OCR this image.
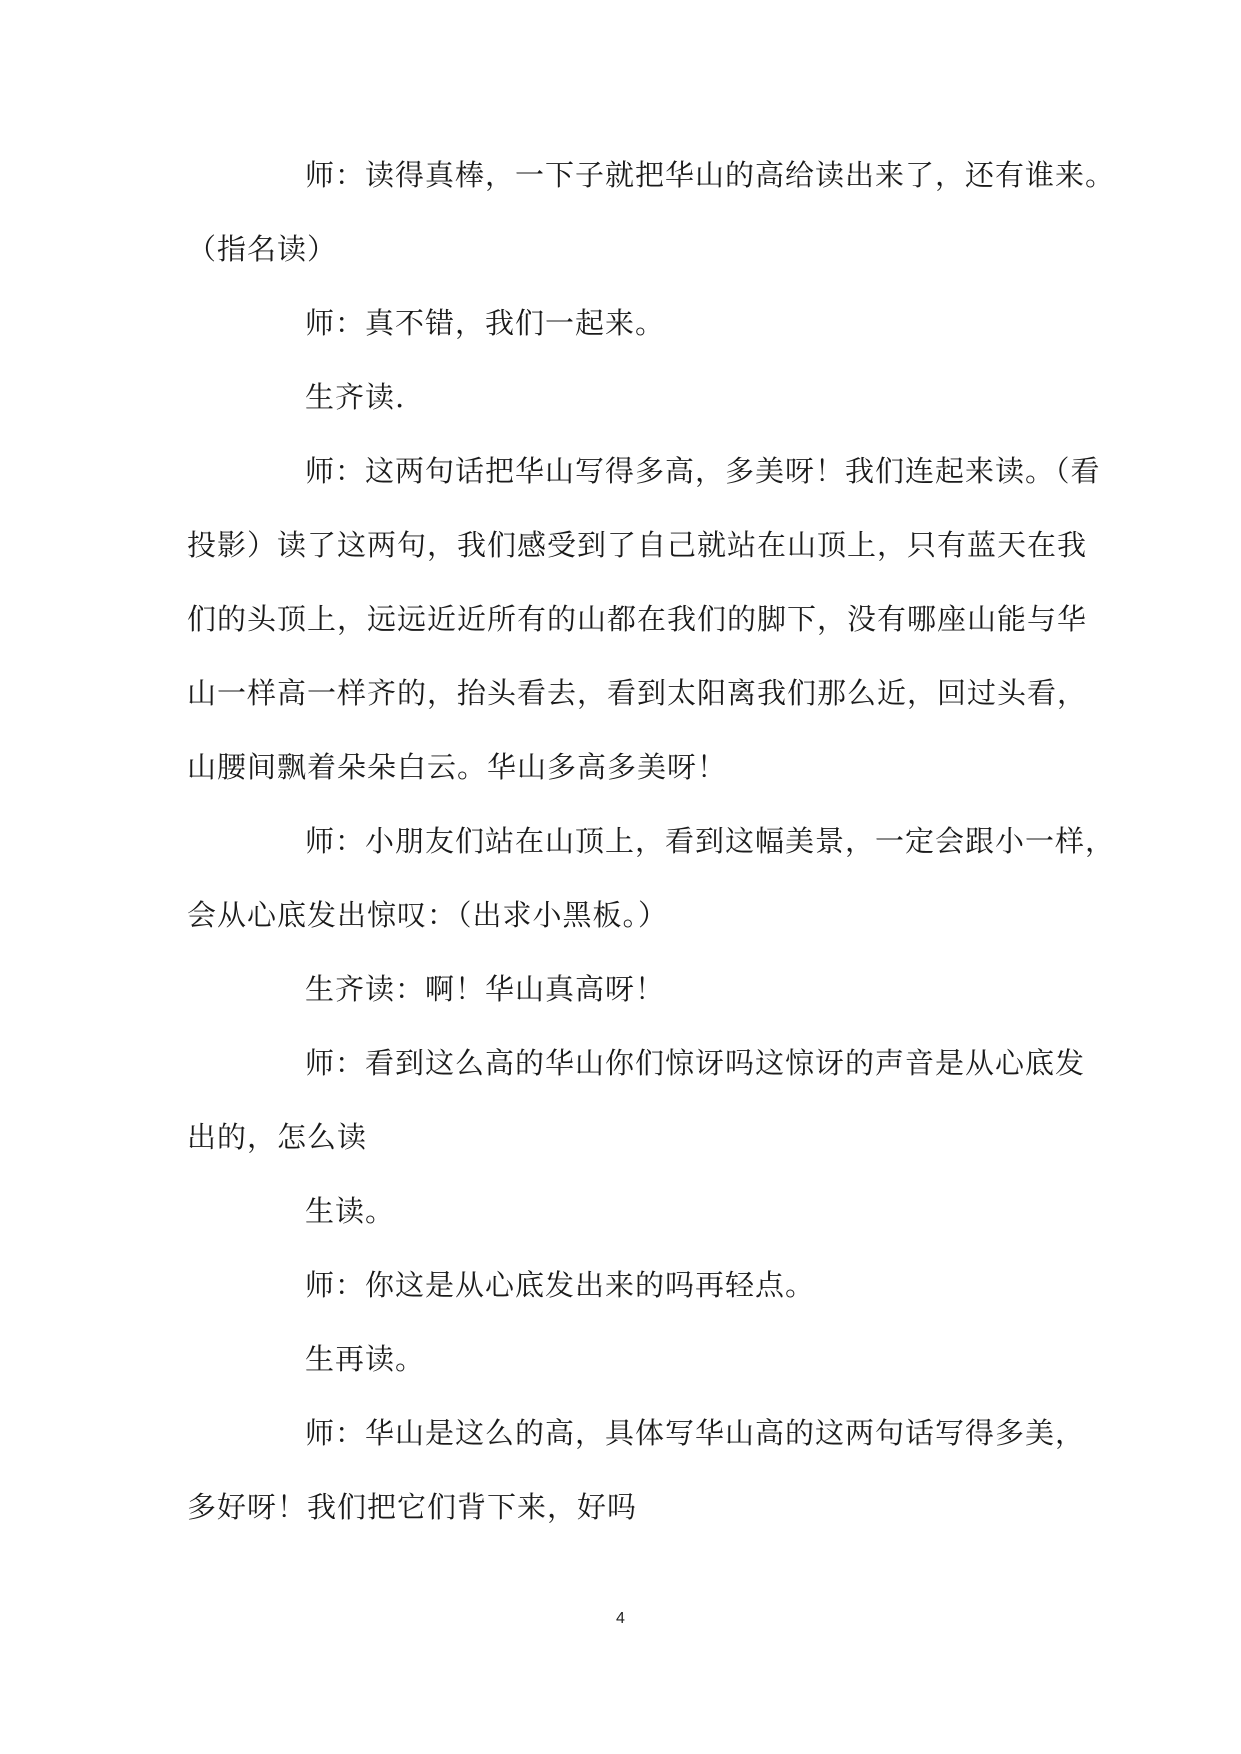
师：读得真棒，一下子就把华山的高给读出来了，还有谁来。

（指名读）

师：真不错，我们一起来。

生齐读.

师：这两句话把华山写得多高，多美呀！我们连起来读。（看

投影）读了这两句，我们感受到了自己就站在山顶上，只有蓝天在我

们的头顶上，远远近近所有的山都在我们的脚下，没有哪座山能与华

山一样高一样齐的，抬头看去，看到太阳离我们那么近，回过头看，

山腰间飘着朵朵白云。华山多高多美呀！

师：小朋友们站在山顶上，看到这幅美景，一定会跟小一样，

会从心底发出惊叹：（出求小黑板。）

生齐读：啊！华山真高呀！

师：看到这么高的华山你们惊讶吗这惊讶的声音是从心底发

出的，怎么读

生读。

师：你这是从心底发出来的吗再轻点。

生再读。

师：华山是这么的高，具体写华山高的这两句话写得多美，

多好呀！我们把它们背下来，好吗

4
